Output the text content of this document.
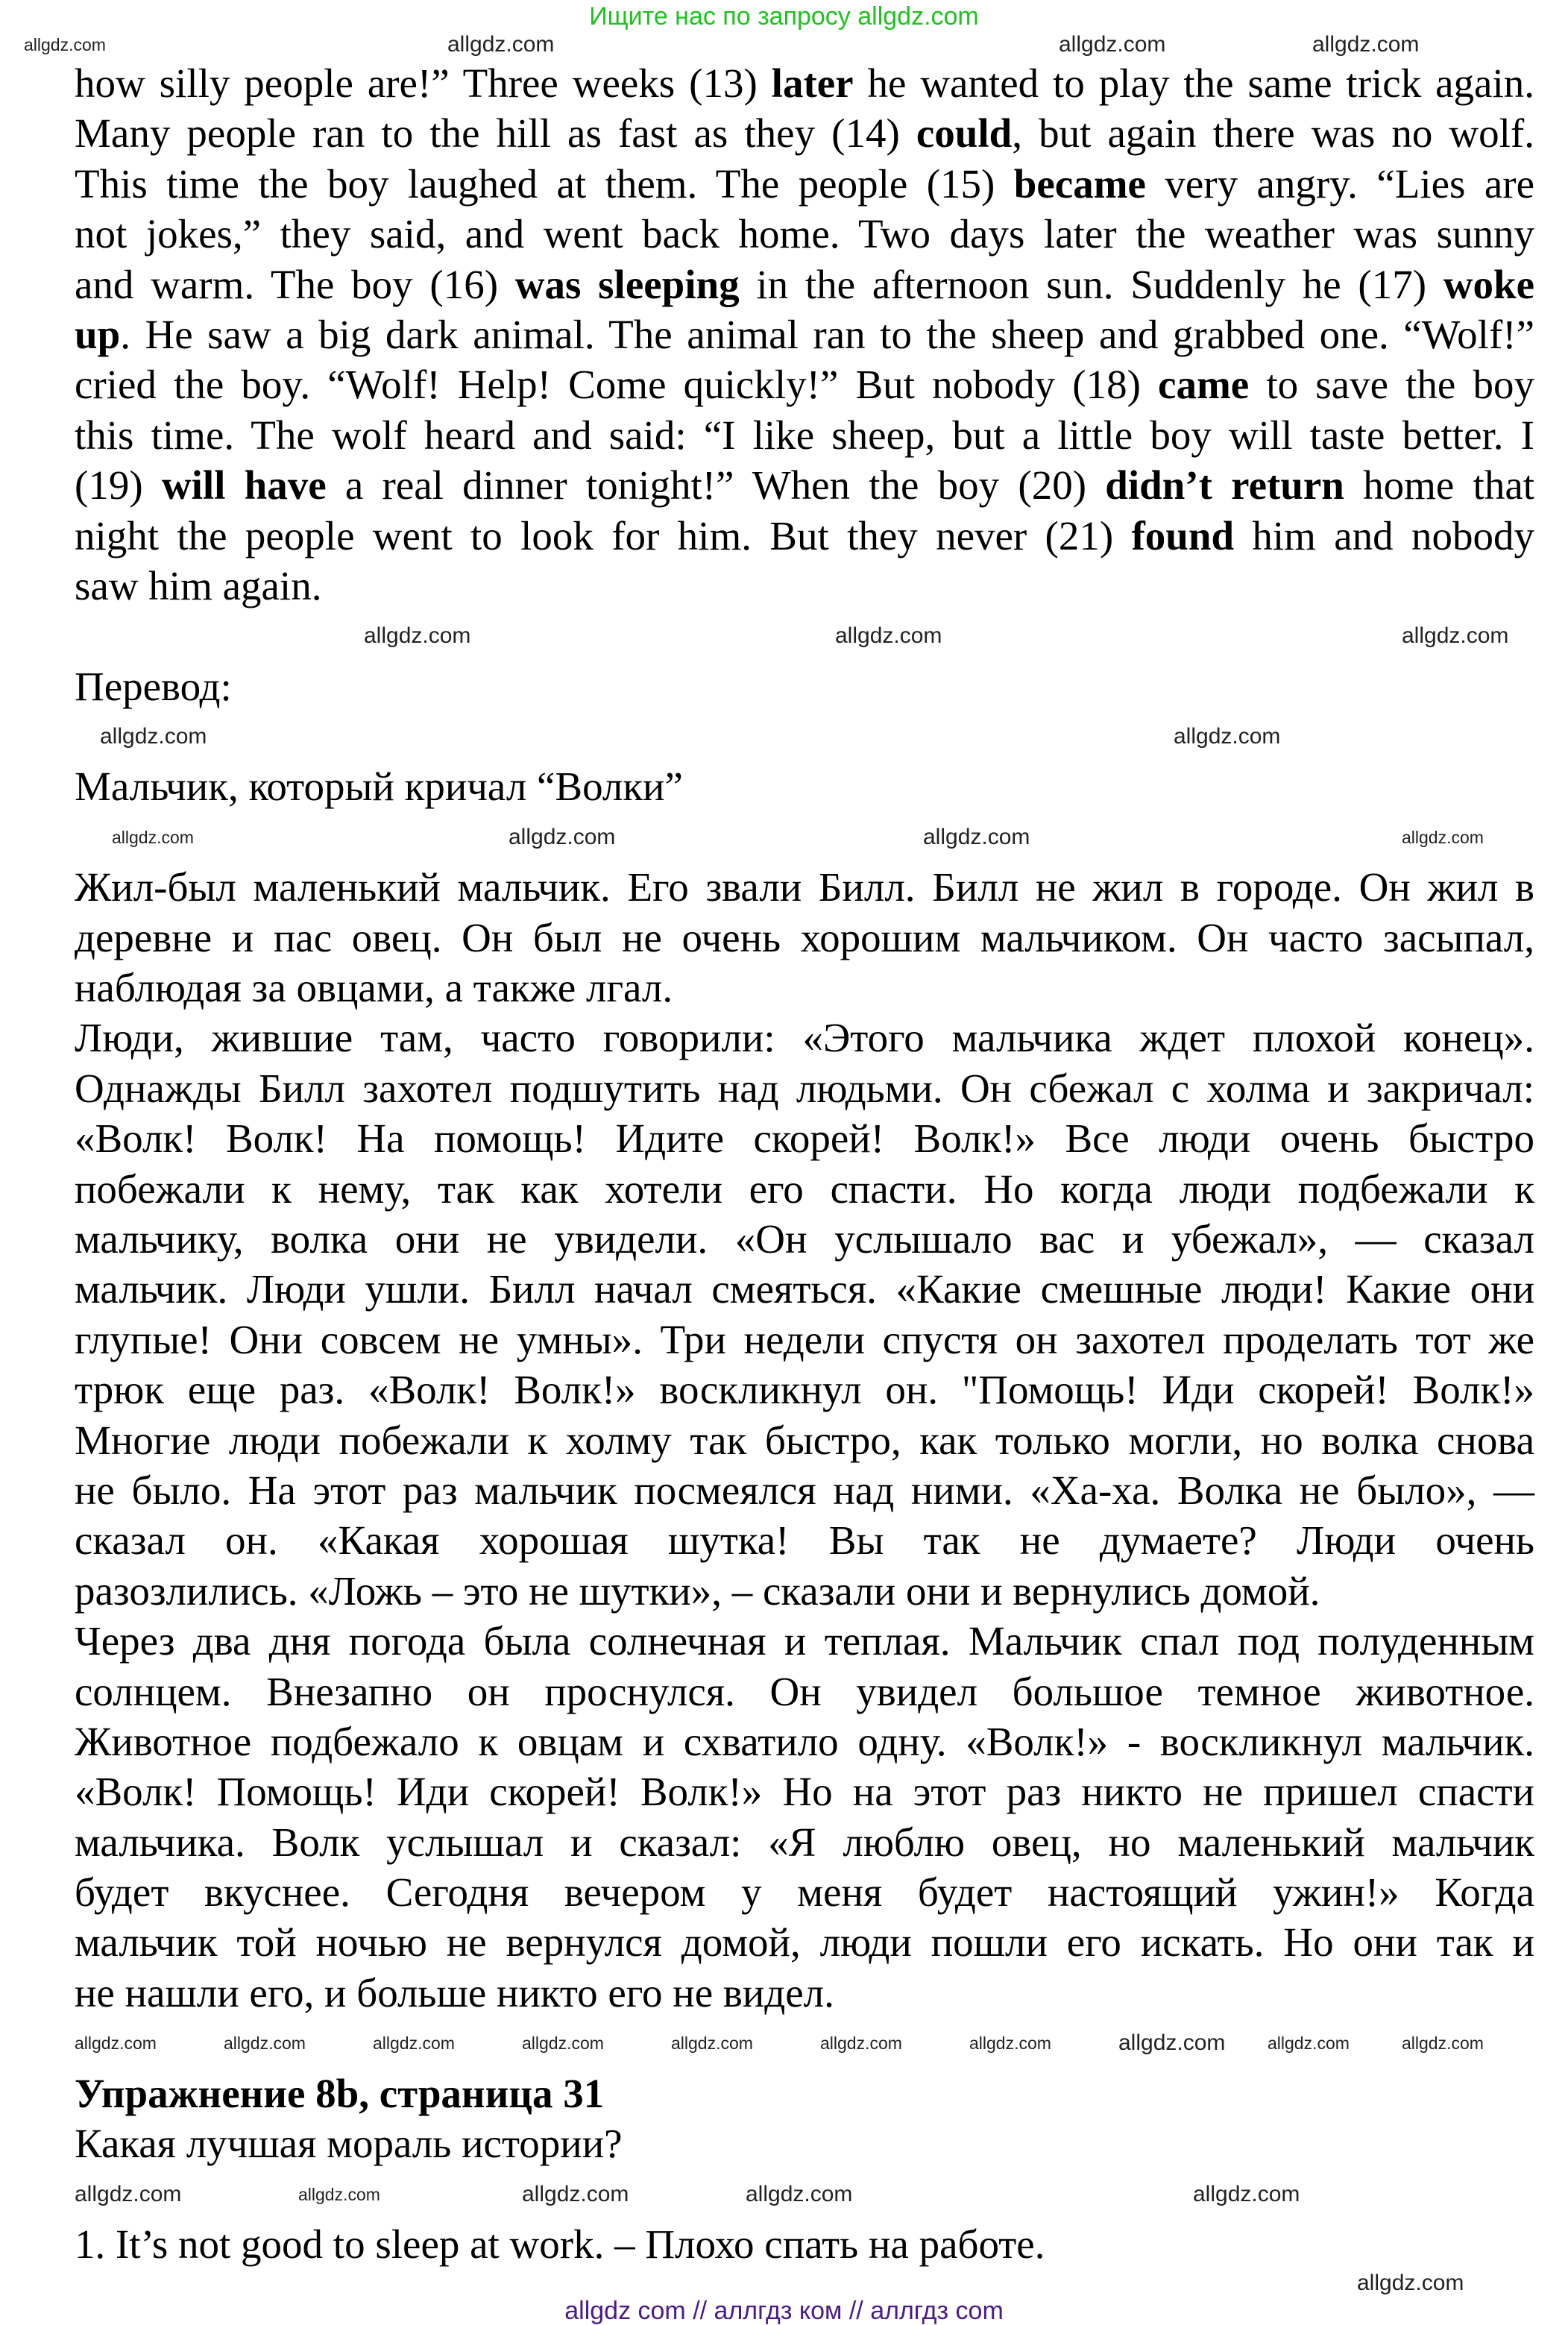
Ищите нас по запросу allgdz.com
how silly people are!” Three weeks (13) later he wanted to play the same trick again.
Many people ran to the hill as fast as they (14) could, but again there was no wolf.
This time the boy laughed at them. The people (15) became very angry. “Lies are
not jokes,” they said, and went back home. Two days later the weather was sunny
and warm. The boy (16) was sleeping in the afternoon sun. Suddenly he (17) woke
up. He saw a big dark animal. The animal ran to the sheep and grabbed one. “Wolf!”
cried the boy. “Wolf! Help! Come quickly!” But nobody (18) came to save the boy
this time. The wolf heard and said: “I like sheep, but a little boy will taste better. I
(19) will have a real dinner tonight!” When the boy (20) didn’t return home that
night the people went to look for him. But they never (21) found him and nobody
saw him again.
Перевод:
Мальчик, который кричал “Волки”
Жил-был маленький мальчик. Его звали Билл. Билл не жил в городе. Он жил в
деревне и пас овец. Он был не очень хорошим мальчиком. Он часто засыпал,
наблюдая за овцами, а также лгал.
Люди, жившие там, часто говорили: «Этого мальчика ждет плохой конец».
Однажды Билл захотел подшутить над людьми. Он сбежал с холма и закричал:
«Волк! Волк! На помощь! Идите скорей! Волк!» Все люди очень быстро
побежали к нему, так как хотели его спасти. Но когда люди подбежали к
мальчику, волка они не увидели. «Он услышало вас и убежал», — сказал
мальчик. Люди ушли. Билл начал смеяться. «Какие смешные люди! Какие они
глупые! Они совсем не умны». Три недели спустя он захотел проделать тот же
трюк еще раз. «Волк! Волк!» воскликнул он. "Помощь! Иди скорей! Волк!»
Многие люди побежали к холму так быстро, как только могли, но волка снова
не было. На этот раз мальчик посмеялся над ними. «Ха-ха. Волка не было», —
сказал он. «Какая хорошая шутка! Вы так не думаете? Люди очень
разозлились. «Ложь – это не шутки», – сказали они и вернулись домой.
Через два дня погода была солнечная и теплая. Мальчик спал под полуденным
солнцем. Внезапно он проснулся. Он увидел большое темное животное.
Животное подбежало к овцам и схватило одну. «Волк!» - воскликнул мальчик.
«Волк! Помощь! Иди скорей! Волк!» Но на этот раз никто не пришел спасти
мальчика. Волк услышал и сказал: «Я люблю овец, но маленький мальчик
будет вкуснее. Сегодня вечером у меня будет настоящий ужин!» Когда
мальчик той ночью не вернулся домой, люди пошли его искать. Но они так и
не нашли его, и больше никто его не видел.
Упражнение 8b, страница 31
Какая лучшая мораль истории?
1. It’s not good to sleep at work. – Плохо спать на работе.
allgdz.com	allgdz.com
allgdz.com	allgdz.com
allgdz.com
allgdz.com
allgdz.com
allgdz.com
allgdz.com
allgdz.com	allgdz.com
allgdz.com
allgdz.com
allgdz.com
allgdz.com
allgdz.com	allgdz.com
allgdz.com	allgdz.com	allgdz.com
allgdz.com	allgdz.com	allgdz.com
allgdz.com	allgdz.com
allgdz.com	allgdz.com
allgdz.com
allgdz.com
allgdz com // аллгдз ком // аллгдз com
